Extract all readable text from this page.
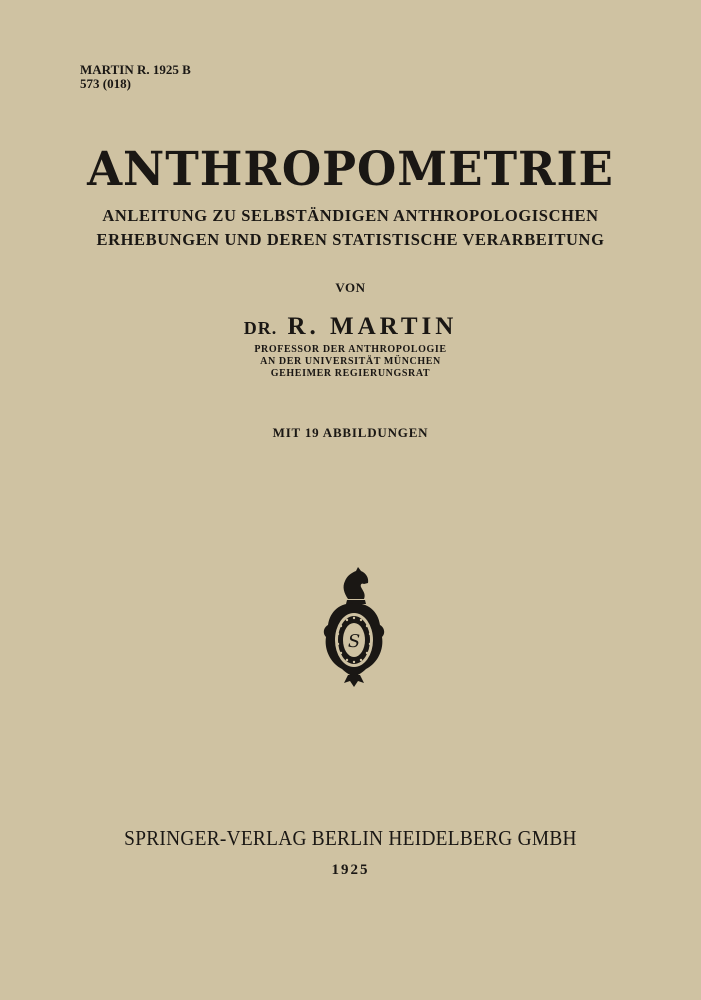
MARTIN R. 1925 B
573 (018)
ANTHROPOMETRIE
ANLEITUNG ZU SELBSTÄNDIGEN ANTHROPOLOGISCHEN
ERHEBUNGEN UND DEREN STATISTISCHE VERARBEITUNG
VON
DR. R. MARTIN
PROFESSOR DER ANTHROPOLOGIE
AN DER UNIVERSITÄT MÜNCHEN
GEHEIMER REGIERUNGSRAT
MIT 19 ABBILDUNGEN
S
SPRINGER-VERLAG BERLIN HEIDELBERG GMBH
1925
